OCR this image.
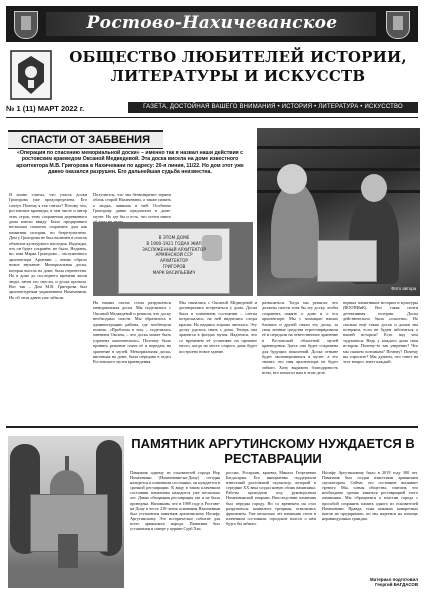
Ростово-Нахичеванское
ОБЩЕСТВО ЛЮБИТЕЛЕЙ ИСТОРИИ, ЛИТЕРАТУРЫ И ИСКУССТВ
№ 1 (11) МАРТ 2022 г.	ГАЗЕТА, ДОСТОЙНАЯ ВАШЕГО ВНИМАНИЯ • ИСТОРИЯ • ЛИТЕРАТУРА • ИСКУССТВО
СПАСТИ ОТ ЗАБВЕНИЯ
«Операция по спасению мемориальной доски» – именно так я назвал наши действия с ростовским краеведом Оксаной Медведевой. Эта доска висела на доме известного архитектора М.В. Григорова в Нахичевани по адресу: 20-я линия, 11/22. Но дом этот уже давно оказался разрушен. Его дальнейшая судьба неизвестна.
Я лично считал, что участь доски Григорова уже предопределена. Его сочтут. Почему я так считал? Потому что, ростовские краеведы, в чем числе и автор этих строк, тему сохранения деревянного дома имели ввиду. Было предпринято несколько попыток сохранить дом как памятник истории, но безрезультатно. Дом у Григорова не был включён в список объектов культурного наследия. Надежды, что он будет сохранён, не было. Недавно, но, имя Марка Григорова – заслуженного архитектора Армении – вновь обрело новое звучание. Мемориальная доска, которая висела на доме, была перенесена. Но в доме до последнего времени жили люди, затем его снесли, и доска пропала. Вот так – Дом М.В. Григорова был архитектурным украшением Нахичевани. Но об этом давно уже забыли.
Получается, что мы безвозвратно теряем облик старой Нахичевани, а также память о людях, живших в ней. Особенно Григорову давно предлагали в доме-музее. Но где бы и есть, что почти никто
В ЭТОМ ДОМЕ
В 1900-1921 ГОДАХ ЖИЛ
ЗАСЛУЖЕННЫЙ АРХИТЕКТОР
АРМЯНСКОЙ ССР
АРХИТЕКТОР
ГРИГОРОВ
МАРК ВАСИЛЬЕВИЧ
Фото автора
На наших глазах стала разрушаться мемориальная доска. Мы поделились с Оксаной Медведевой и решили, что доску необходимо спасти. Мы обратились в администрацию района, где пообещали помочь. «Проблема в том, – поделилась мнением Оксана, – что доска может быть утрачена окончательно». Поэтому было принято решение снять её и передать на хранение в музей. Мемориальная доска, висевшая на доме, была передана в отдел Ростовского музея краеведения.
Мы связались с Оксаной Медведевой и договорились встретиться у дома. Доска была в плачевном состоянии – слегка потрескалась, на ней виднелись следы краски. Но надпись хорошо читалась. Эту доску удалось снять с дома. Теперь она хранится в фондах музея. Надеемся, что со временем её установят на прежнее место, когда на месте старого дома будет построено новое здание.
развалиться. Тогда мы решили, что должны спасти хотя бы эту доску, чтобы сохранить память о доме и о его архитекторе. Мы с помощью наших близких и друзей сняли эту доску, за свои личные средства отреставрировали её и передали на ответственное хранение в Ростовский областной музей краеведения. Здесь она будет сохранена для будущих поколений. Доска отныне будет экспонироваться в музее, а это значит, что имя архитектора не будет забыто. Хочу выразить благодарность всем, кто помогал нам в этом деле.
первых памятников истории и культуры (ВООПИиК). Вот такая почти детективная история. Доска действительно была «спасена». Но сколько ещё таких досок и домов мы потеряем, если не будем заботиться о нашей истории? Есть над чем задуматься. Ведь у каждого дома своя история. Почему-то так уверенно? Что мы скажем потомкам? Почему? Почему вы спросите? Мы думаем, что ответ на этот вопрос знает каждый.
ПАМЯТНИК АРГУТИНСКОМУ НУЖДАЕТСЯ В РЕСТАВРАЦИИ
Памятник одному из основателей города Нор Нахичевани (Нахичевани-на-Дону) сегодня находится в плачевном состоянии, он нуждается в срочной реставрации. К виду в таком плачевном состоянии памятника находится уже несколько лет. Давно обещанная реставрация так и не была проведена. Напомним, что в 1989 году в Ростове-на-Дону в честь 210-летия основания Нахичевани был установлен памятник архиепископу Иосифу Аргутинскому. Это историческое событие для всего армянского народа. Памятник был установлен в сквере у церкви Сурб Хач.
россии, Росархив, краевед Микаэл Георгиевич Багдасарян. Его инициатива поддержали известный ростовский скульптор, который в середине ХХ века создал новую облик памятника. Работы проходили под руководством Нахичеванской епархии. Впоследствии памятник был передан городу. Но со временем он стал разрушаться: появились трещины, отвалились фрагменты. Уже несколько лет памятник стоит в плачевном состоянии, городские власти о нём будто бы забыли.
Иосифу Аргутинскому было в 2019 году 300 лет. Памятник был создан известным армянским скульптором. Сейчас его состояние вызывает тревогу. Мы, члены общества, считаем, что необходимо срочно заняться реставрацией этого памятника. Мы обращаемся к властям города с просьбой сохранить память одного из основателей Нахичевани. Правда, пока никаких конкретных шагов не предпринято, но мы надеемся на помощь неравнодушных граждан.
Материал подготовил
Георгий БАГДАСОВ
